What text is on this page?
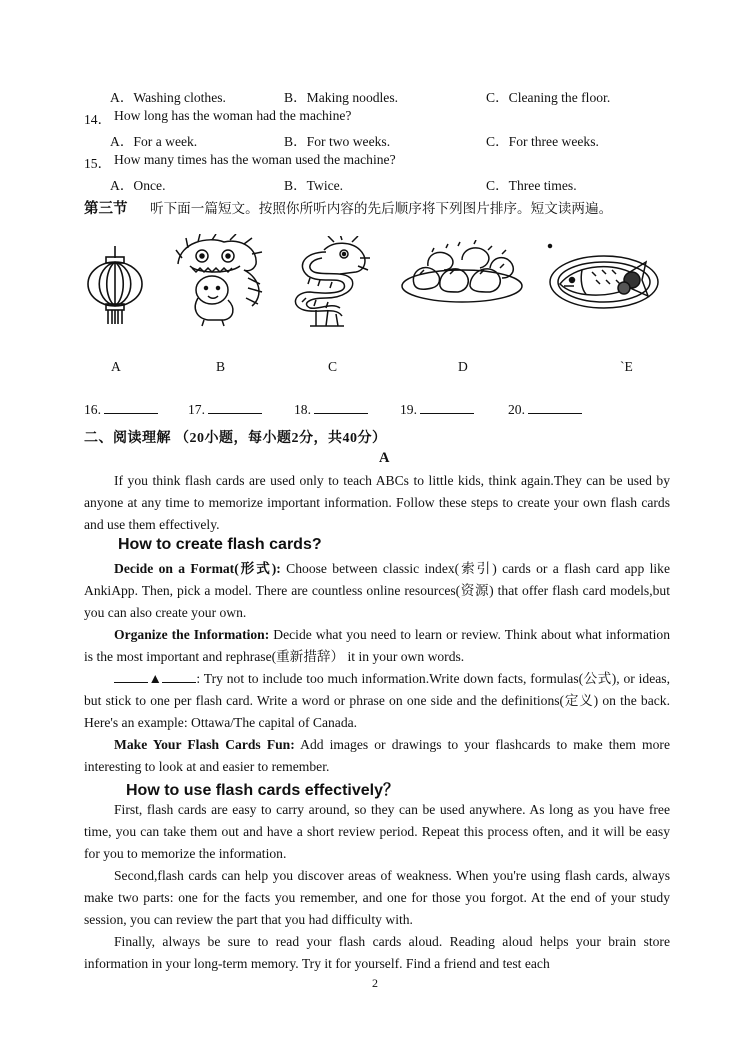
A．Washing clothes.	B．Making noodles.	C．Cleaning the floor.
14． How long has the woman had the machine?
A．For a week.	B．For two weeks.	C．For three weeks.
15． How many times has the woman used the machine?
A．Once.	B．Twice.	C．Three times.
第三节 听下面一篇短文。按照你所听内容的先后顺序将下列图片排序。短文读两遍。
A	B	C	D	`E
16.	17.	18.	19.	20.
二、阅读理解 （20小题，每小题2分，共40分）
A

If you think flash cards are used only to teach ABCs to little kids, think again.They can be used by anyone at any time to memorize important information. Follow these steps to create your own flash cards and use them effectively.

How to create flash cards?

Decide on a Format(形式): Choose between classic index(索引) cards or a flash card app like AnkiApp. Then, pick a model. There are countless online resources(资源) that offer flash card models,but you can also create your own.

Organize the Information: Decide what you need to learn or review. Think about what information is the most important and rephrase(重新措辞） it in your own words.

▲	: Try not to include too much information.Write down facts, formulas(公式), or ideas, but stick to one per flash card. Write a word or phrase on one side and the definitions(定义) on the back. Here's an example: Ottawa/The capital of Canada.

Make Your Flash Cards Fun: Add images or drawings to your flashcards to make them more interesting to look at and easier to remember.

How to use flash cards effectively？

First, flash cards are easy to carry around, so they can be used anywhere. As long as you have free time, you can take them out and have a short review period. Repeat this process often, and it will be easy for you to memorize the information.

Second,flash cards can help you discover areas of weakness. When you're using flash cards, always make two parts: one for the facts you remember, and one for those you forgot. At the end of your study session, you can review the part that you had difficulty with.

Finally, always be sure to read your flash cards aloud. Reading aloud helps your brain store information in your long-term memory. Try it for yourself. Find a friend and test each

2
